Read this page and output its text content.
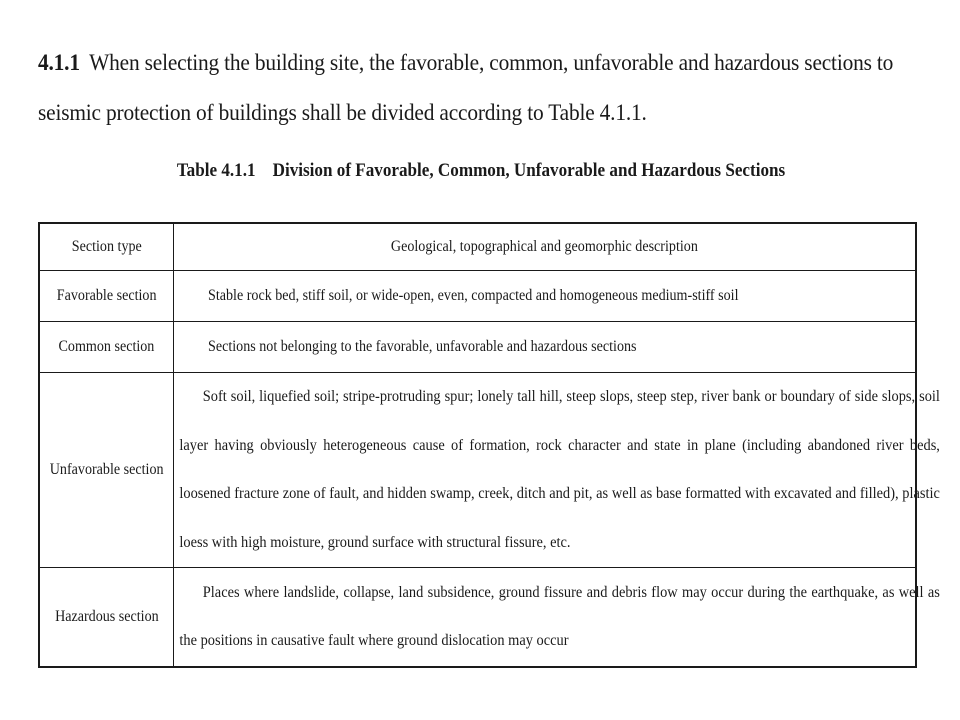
4.1.1 When selecting the building site, the favorable, common, unfavorable and hazardous sections to seismic protection of buildings shall be divided according to Table 4.1.1.
Table 4.1.1    Division of Favorable, Common, Unfavorable and Hazardous Sections
Section type	Geological, topographical and geomorphic description
Favorable section	Stable rock bed, stiff soil, or wide-open, even, compacted and homogeneous medium-stiff soil
Common section	Sections not belonging to the favorable, unfavorable and hazardous sections
Unfavorable section	Soft soil, liquefied soil; stripe-protruding spur; lonely tall hill, steep slops, steep step, river bank or boundary of side slops, soil layer having obviously heterogeneous cause of formation, rock character and state in plane (including abandoned river beds, loosened fracture zone of fault, and hidden swamp, creek, ditch and pit, as well as base formatted with excavated and filled), plastic loess with high moisture, ground surface with structural fissure, etc.

Hazardous section	Places where landslide, collapse, land subsidence, ground fissure and debris flow may occur during the earthquake, as well as the positions in causative fault where ground dislocation may occur
